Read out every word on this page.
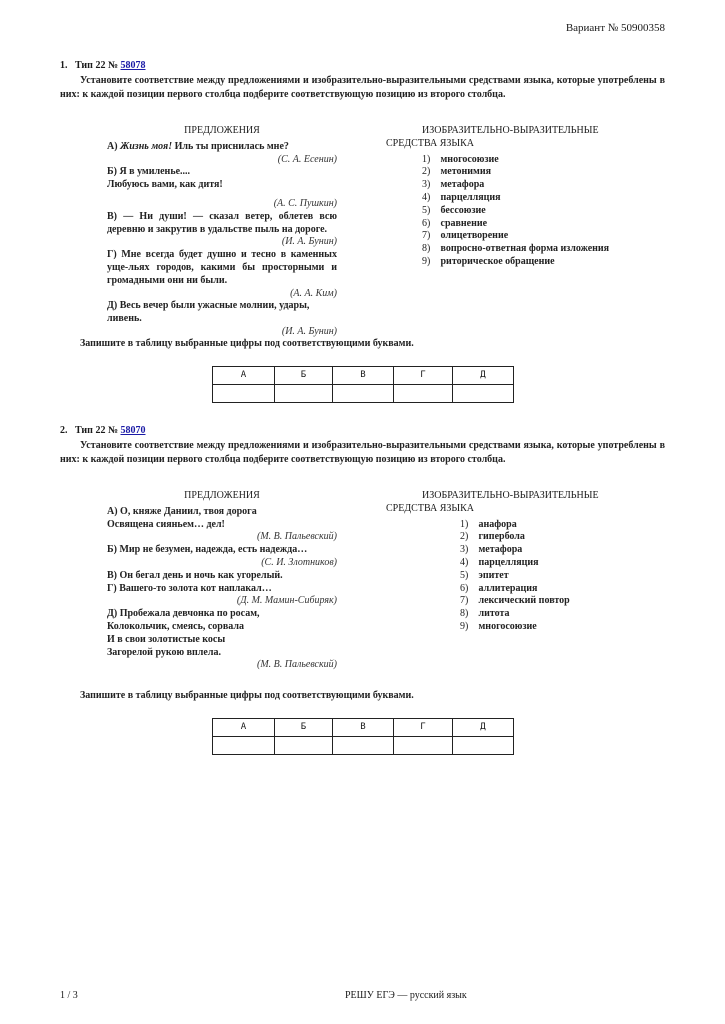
Вариант № 50900358
1. Тип 22 № 58078
Установите соответствие между предложениями и изобразительно-выразительными средствами языка, которые употреблены в них: к каждой позиции первого столбца подберите соответствующую позицию из второго столбца.
ПРЕДЛОЖЕНИЯ
А) Жизнь моя! Иль ты приснилась мне?
(С. А. Есенин)
Б) Я в умиленье....
Любуюсь вами, как дитя!
(А. С. Пушкин)
В) — Ни души! — сказал ветер, облетев всю деревню и закрутив в удальстве пыль на дороге.
(И. А. Бунин)
Г) Мне всегда будет душно и тесно в каменных уще-льях городов, какими бы просторными и громадными они ни были.
(А. А. Ким)
Д) Весь вечер были ужасные молнии, удары, ливень.
(И. А. Бунин)
ИЗОБРАЗИТЕЛЬНО-ВЫРАЗИТЕЛЬНЫЕ
СРЕДСТВА ЯЗЫКА
1) многосоюзие
2) метонимия
3) метафора
4) парцелляция
5) бессоюзие
6) сравнение
7) олицетворение
8) вопросно-ответная форма изложения
9) риторическое обращение
Запишите в таблицу выбранные цифры под соответствующими буквами.
А	Б	В	Г	Д

2. Тип 22 № 58070
Установите соответствие между предложениями и изобразительно-выразительными средствами языка, которые употреблены в них: к каждой позиции первого столбца подберите соответствующую позицию из второго столбца.
ПРЕДЛОЖЕНИЯ
А) О, княже Даниил, твоя дорога
Освящена сияньем… дел!
(М. В. Пальевский)
Б) Мир не безумен, надежда, есть надежда…
(С. И. Злотников)
В) Он бегал день и ночь как угорелый.
Г) Вашего-то золота кот наплакал…
(Д. М. Мамин-Сибиряк)
Д) Пробежала девчонка по росам,
Колокольчик, смеясь, сорвала
И в свои золотистые косы
Загорелой рукою вплела.
(М. В. Пальевский)
ИЗОБРАЗИТЕЛЬНО-ВЫРАЗИТЕЛЬНЫЕ
СРЕДСТВА ЯЗЫКА
1) анафора
2) гипербола
3) метафора
4) парцелляция
5) эпитет
6) аллитерация
7) лексический повтор
8) литота
9) многосоюзие
Запишите в таблицу выбранные цифры под соответствующими буквами.
А	Б	В	Г	Д

1 / 3	РЕШУ ЕГЭ — русский язык
